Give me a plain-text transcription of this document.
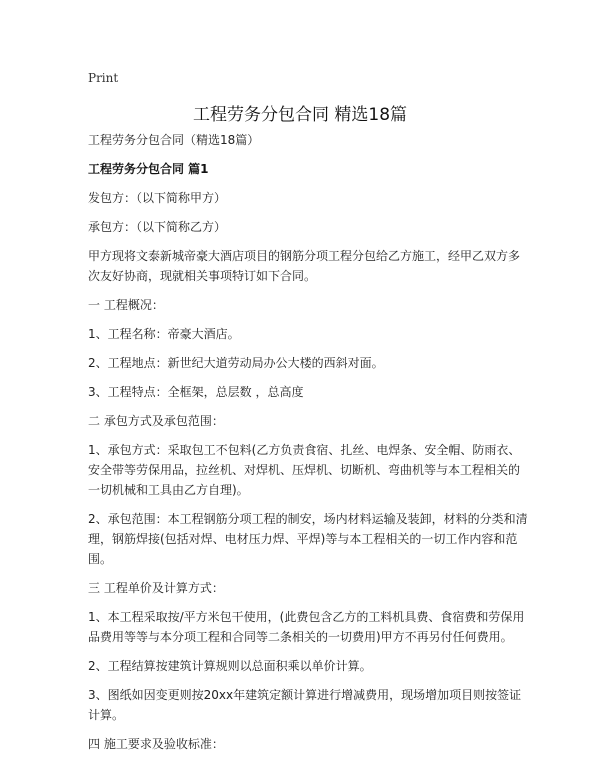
Print
工程劳务分包合同 精选18篇

工程劳务分包合同（精选18篇）

工程劳务分包合同 篇1

发包方：（以下简称甲方）

承包方：（以下简称乙方）

甲方现将文泰新城帝豪大酒店项目的钢筋分项工程分包给乙方施工，经甲乙双方多次友好协商，现就相关事项特订如下合同。

一 工程概况：

1、工程名称：帝豪大酒店。

2、工程地点：新世纪大道劳动局办公大楼的西斜对面。

3、工程特点：全框架，总层数 ，总高度

二 承包方式及承包范围：

1、承包方式：采取包工不包料(乙方负责食宿、扎丝、电焊条、安全帽、防雨衣、安全带等劳保用品，拉丝机、对焊机、压焊机、切断机、弯曲机等与本工程相关的一切机械和工具由乙方自理)。

2、承包范围：本工程钢筋分项工程的制安，场内材料运输及装卸，材料的分类和清理，钢筋焊接(包括对焊、电材压力焊、平焊)等与本工程相关的一切工作内容和范围。

三 工程单价及计算方式：

1、本工程采取按/平方米包干使用，(此费包含乙方的工料机具费、食宿费和劳保用品费用等等与本分项工程和合同等二条相关的一切费用)甲方不再另付任何费用。

2、工程结算按建筑计算规则以总面积乘以单价计算。

3、图纸如因变更则按20xx年建筑定额计算进行增减费用，现场增加项目则按签证计算。

四 施工要求及验收标准：
